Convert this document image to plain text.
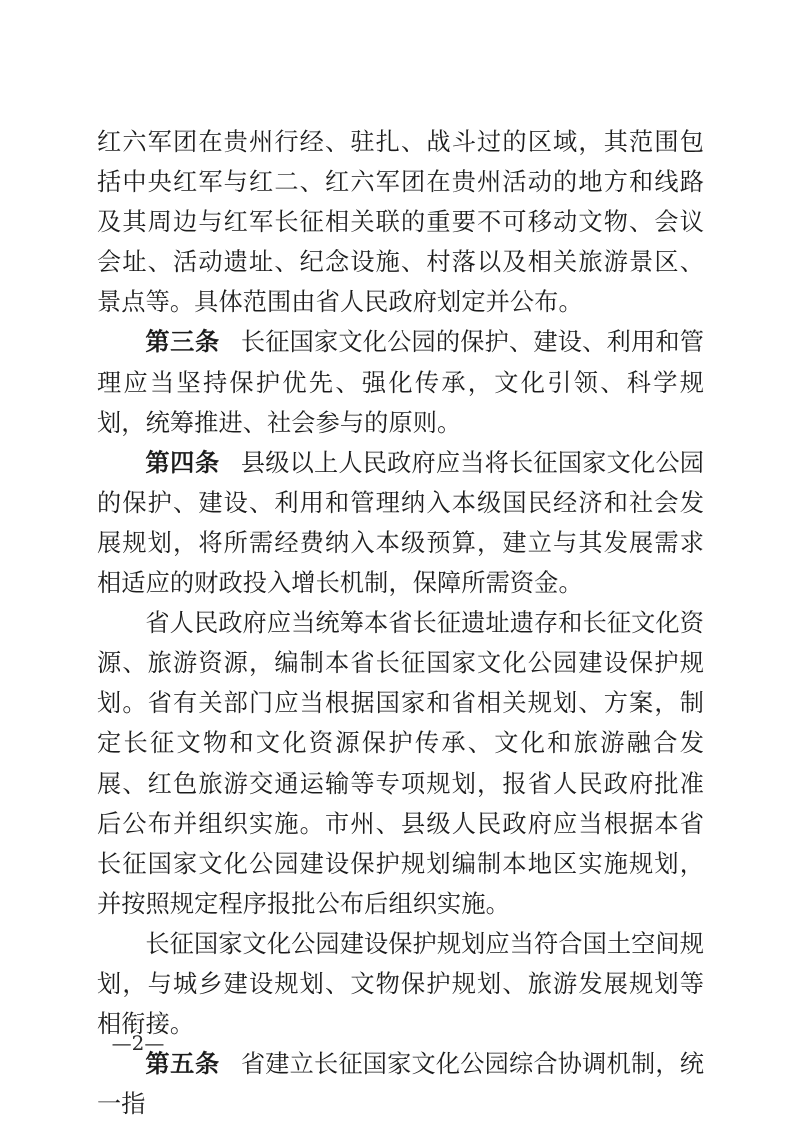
红六军团在贵州行经、驻扎、战斗过的区域，其范围包括中央红军与红二、红六军团在贵州活动的地方和线路及其周边与红军长征相关联的重要不可移动文物、会议会址、活动遗址、纪念设施、村落以及相关旅游景区、景点等。具体范围由省人民政府划定并公布。

第三条 长征国家文化公园的保护、建设、利用和管理应当坚持保护优先、强化传承，文化引领、科学规划，统筹推进、社会参与的原则。

第四条 县级以上人民政府应当将长征国家文化公园的保护、建设、利用和管理纳入本级国民经济和社会发展规划，将所需经费纳入本级预算，建立与其发展需求相适应的财政投入增长机制，保障所需资金。

省人民政府应当统筹本省长征遗址遗存和长征文化资源、旅游资源，编制本省长征国家文化公园建设保护规划。省有关部门应当根据国家和省相关规划、方案，制定长征文物和文化资源保护传承、文化和旅游融合发展、红色旅游交通运输等专项规划，报省人民政府批准后公布并组织实施。市州、县级人民政府应当根据本省长征国家文化公园建设保护规划编制本地区实施规划，并按照规定程序报批公布后组织实施。

长征国家文化公园建设保护规划应当符合国土空间规划，与城乡建设规划、文物保护规划、旅游发展规划等相衔接。

第五条 省建立长征国家文化公园综合协调机制，统一指

—2—
